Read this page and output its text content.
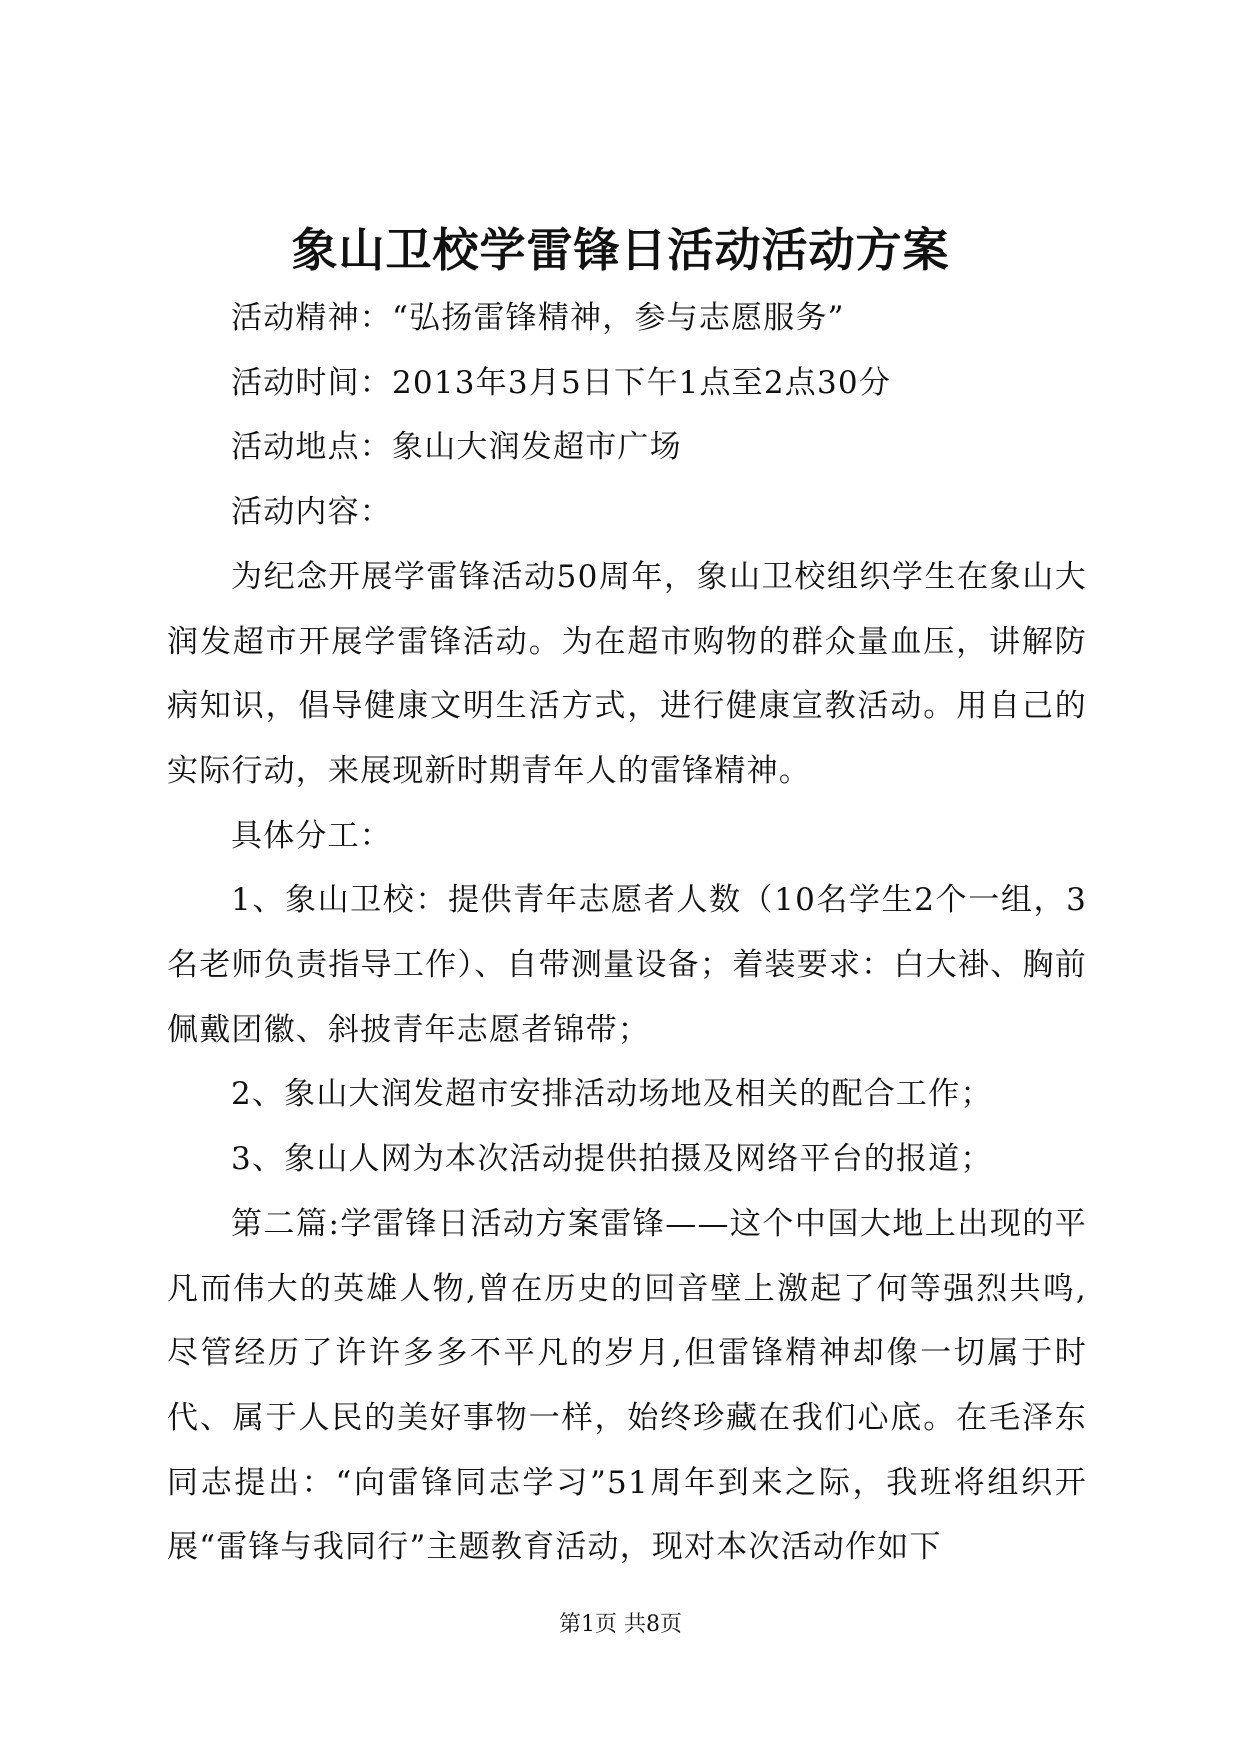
象山卫校学雷锋日活动活动方案

活动精神：“弘扬雷锋精神，参与志愿服务”

活动时间：2013年3月5日下午1点至2点30分

活动地点：象山大润发超市广场

活动内容：

为纪念开展学雷锋活动50周年，象山卫校组织学生在象山大润发超市开展学雷锋活动。为在超市购物的群众量血压，讲解防病知识，倡导健康文明生活方式，进行健康宣教活动。用自己的实际行动，来展现新时期青年人的雷锋精神。

具体分工：

1、象山卫校：提供青年志愿者人数（10名学生2个一组，3名老师负责指导工作）、自带测量设备；着装要求：白大褂、胸前佩戴团徽、斜披青年志愿者锦带；

2、象山大润发超市安排活动场地及相关的配合工作；

3、象山人网为本次活动提供拍摄及网络平台的报道；

第二篇:学雷锋日活动方案雷锋——这个中国大地上出现的平凡而伟大的英雄人物,曾在历史的回音壁上激起了何等强烈共鸣,尽管经历了许许多多不平凡的岁月,但雷锋精神却像一切属于时代、属于人民的美好事物一样，始终珍藏在我们心底。在毛泽东同志提出：“向雷锋同志学习”51周年到来之际，我班将组织开展“雷锋与我同行”主题教育活动，现对本次活动作如下

第1页 共8页
